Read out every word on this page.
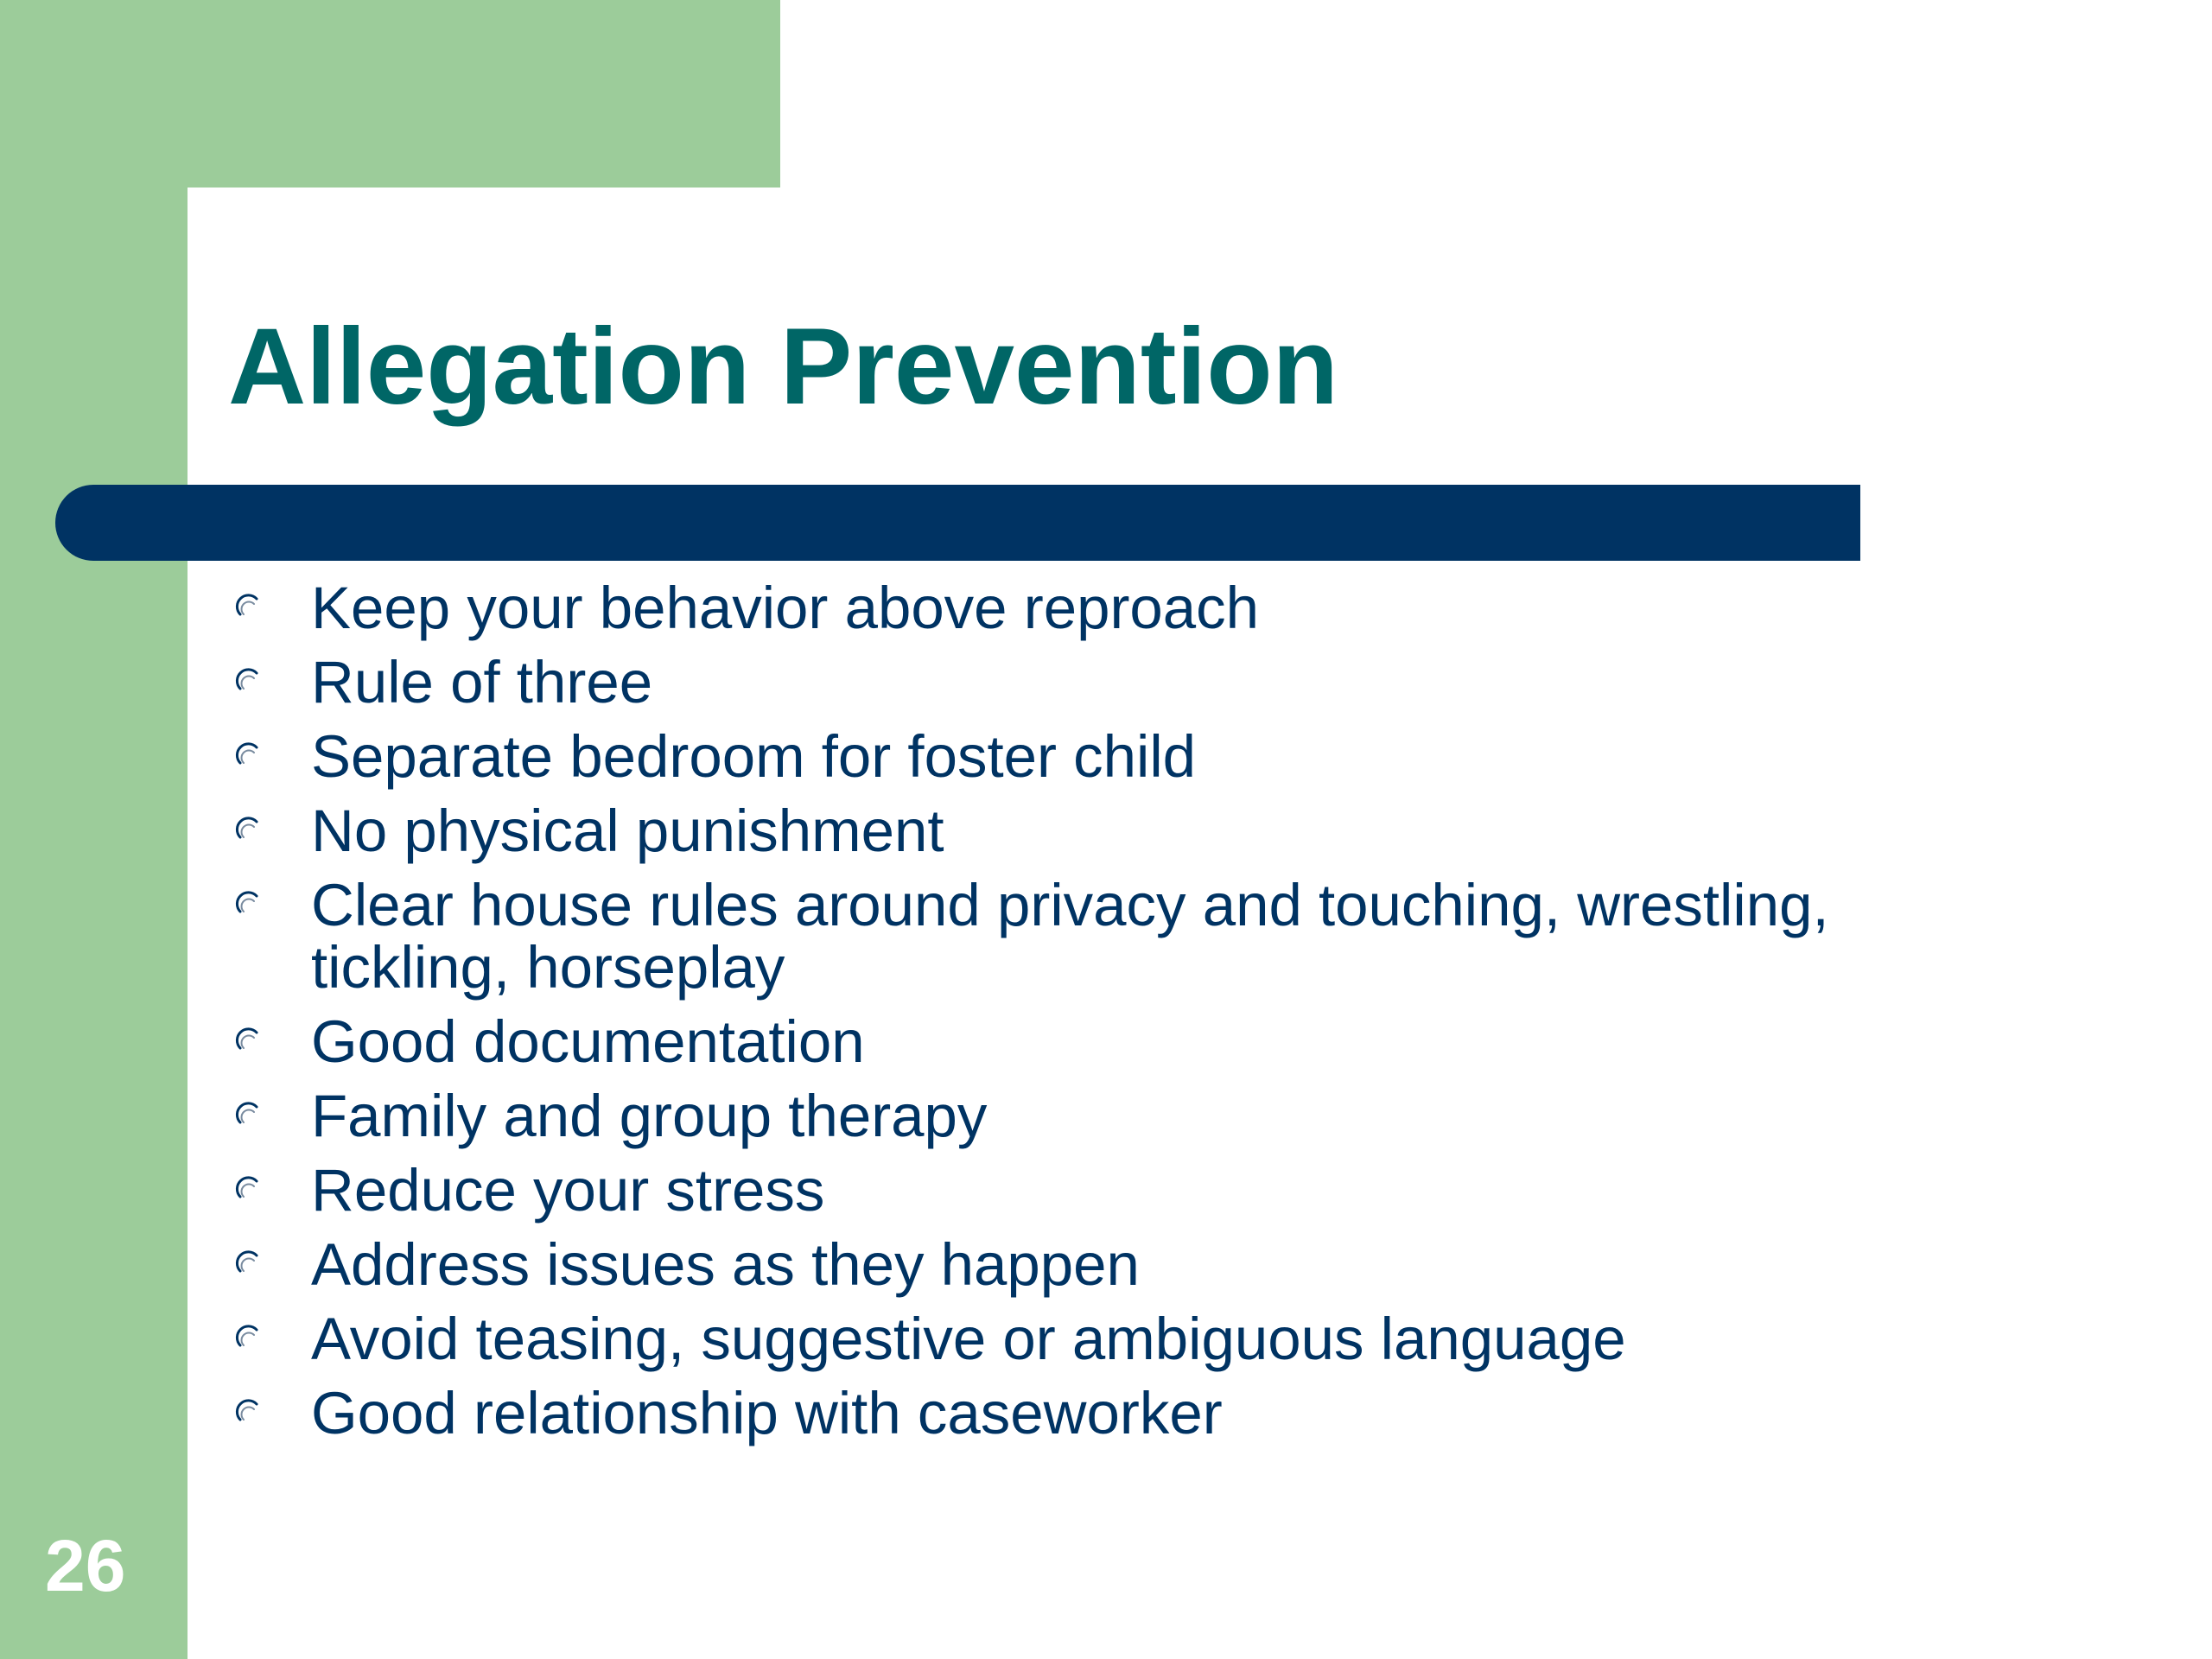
Allegation Prevention
Keep your behavior above reproach
Rule of three
Separate bedroom for foster child
No physical punishment
Clear house rules around privacy and touching, wrestling, tickling, horseplay
Good documentation
Family and group therapy
Reduce your stress
Address issues as they happen
Avoid teasing, suggestive or ambiguous language
Good relationship with caseworker
26
